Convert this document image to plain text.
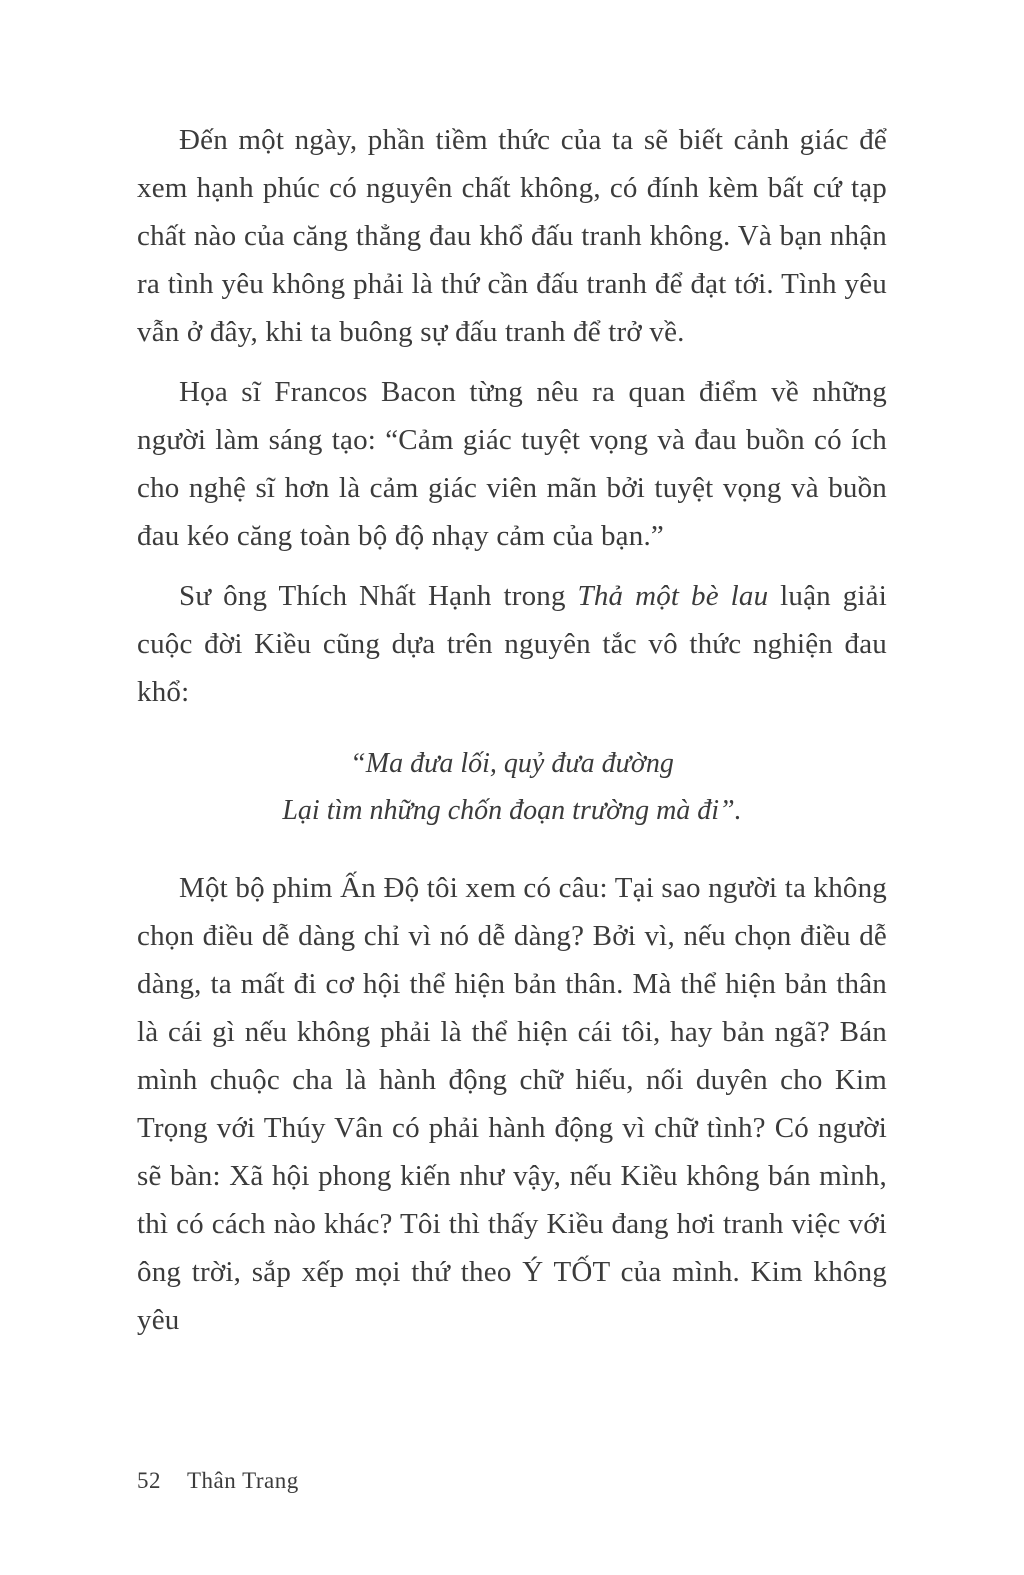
Đến một ngày, phần tiềm thức của ta sẽ biết cảnh giác để xem hạnh phúc có nguyên chất không, có đính kèm bất cứ tạp chất nào của căng thẳng đau khổ đấu tranh không. Và bạn nhận ra tình yêu không phải là thứ cần đấu tranh để đạt tới. Tình yêu vẫn ở đây, khi ta buông sự đấu tranh để trở về.

Họa sĩ Francos Bacon từng nêu ra quan điểm về những người làm sáng tạo: “Cảm giác tuyệt vọng và đau buồn có ích cho nghệ sĩ hơn là cảm giác viên mãn bởi tuyệt vọng và buồn đau kéo căng toàn bộ độ nhạy cảm của bạn.”

Sư ông Thích Nhất Hạnh trong Thả một bè lau luận giải cuộc đời Kiều cũng dựa trên nguyên tắc vô thức nghiện đau khổ:

“Ma đưa lối, quỷ đưa đường
Lại tìm những chốn đoạn trường mà đi”.

Một bộ phim Ấn Độ tôi xem có câu: Tại sao người ta không chọn điều dễ dàng chỉ vì nó dễ dàng? Bởi vì, nếu chọn điều dễ dàng, ta mất đi cơ hội thể hiện bản thân. Mà thể hiện bản thân là cái gì nếu không phải là thể hiện cái tôi, hay bản ngã? Bán mình chuộc cha là hành động chữ hiếu, nối duyên cho Kim Trọng với Thúy Vân có phải hành động vì chữ tình? Có người sẽ bàn: Xã hội phong kiến như vậy, nếu Kiều không bán mình, thì có cách nào khác? Tôi thì thấy Kiều đang hơi tranh việc với ông trời, sắp xếp mọi thứ theo Ý TỐT của mình. Kim không yêu

52 Thân Trang
